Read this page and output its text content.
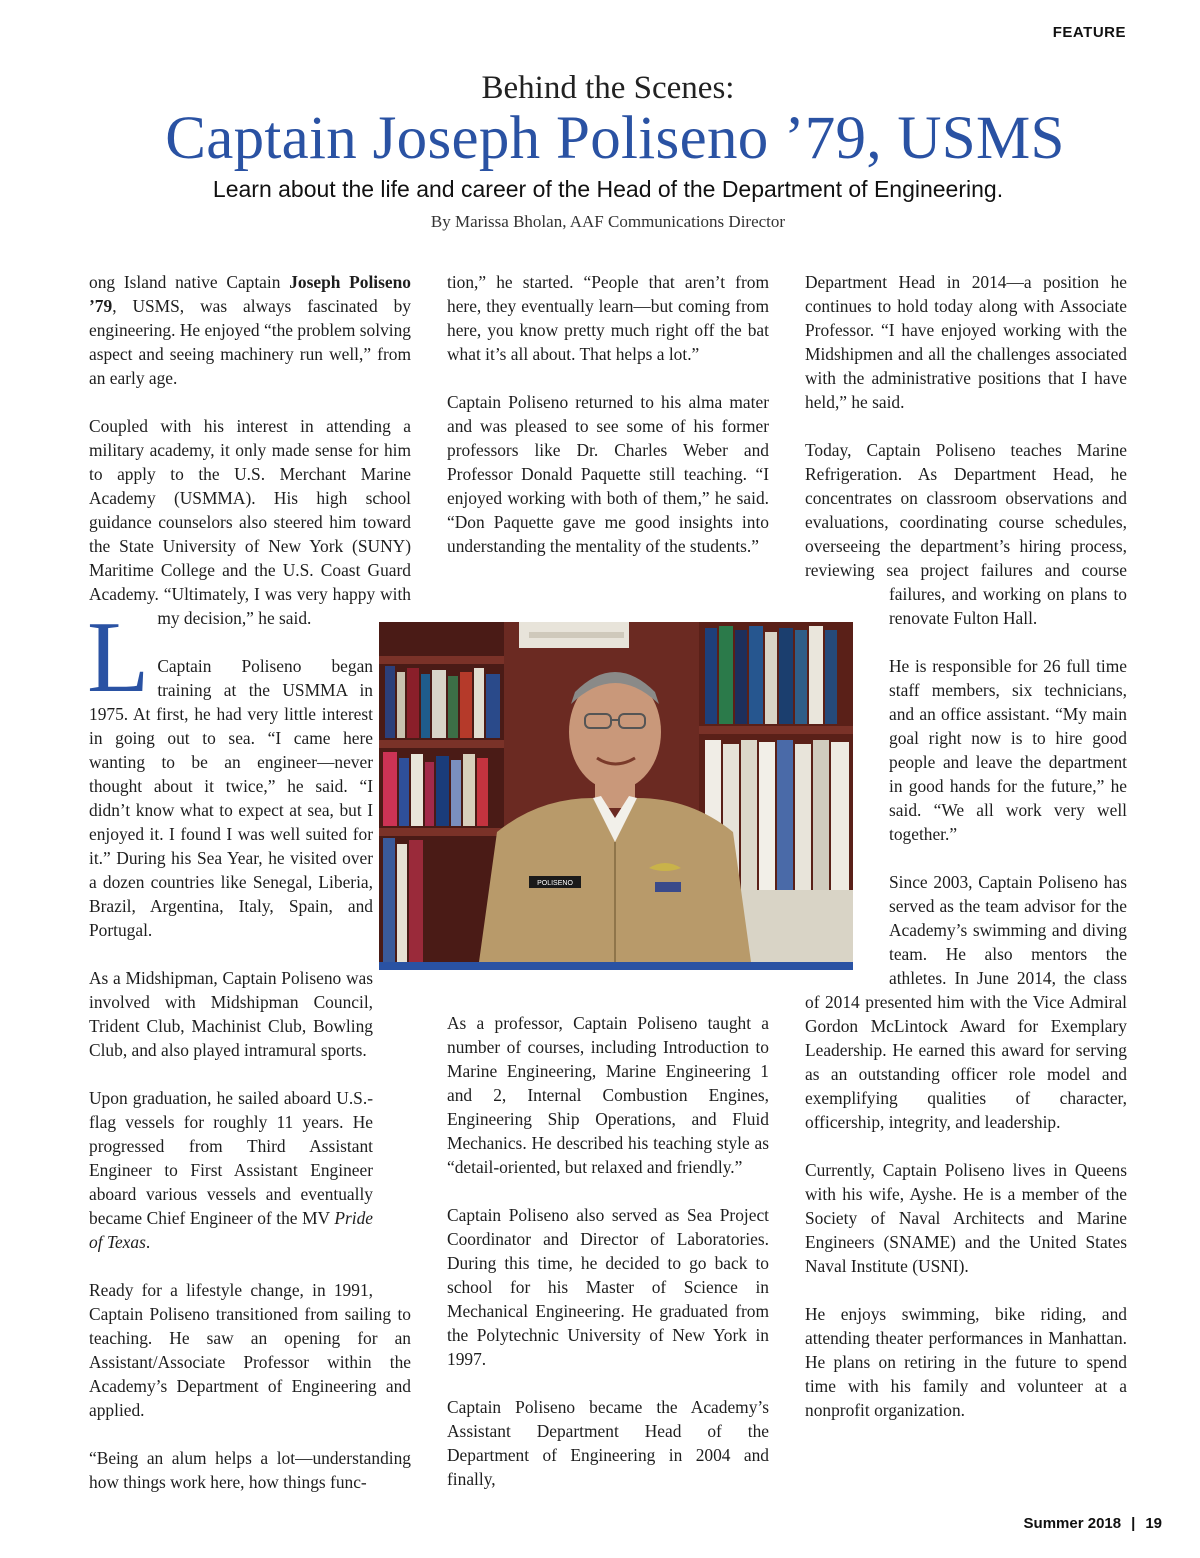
FEATURE
Behind the Scenes:
Captain Joseph Poliseno ’79, USMS
Learn about the life and career of the Head of the Department of Engineering.
By Marissa Bholan, AAF Communications Director

L
ong Island native Captain Joseph Poliseno ’79, USMS, was always fascinated by engineering. He enjoyed “the problem solving aspect and seeing machinery run well,” from an early age.

Coupled with his interest in attending a military academy, it only made sense for him to apply to the U.S. Merchant Marine Academy (USMMA). His high school guidance counselors also steered him toward the State University of New York (SUNY) Maritime College and the U.S. Coast Guard Academy. “Ultimately, I was very happy with my decision,” he said.

Captain Poliseno began training at the USMMA in 1975. At first, he had very little interest in going out to sea. “I came here wanting to be an engineer—never thought about it twice,” he said. “I didn’t know what to expect at sea, but I enjoyed it. I found I was well suited for it.” During his Sea Year, he visited over a dozen countries like Senegal, Liberia, Brazil, Argentina, Italy, Spain, and Portugal.

As a Midshipman, Captain Poliseno was involved with Midshipman Council, Trident Club, Machinist Club, Bowling Club, and also played intramural sports.

Upon graduation, he sailed aboard U.S.-flag vessels for roughly 11 years. He progressed from Third Assistant Engineer to First Assistant Engineer aboard various vessels and eventually became Chief Engineer of the MV Pride of Texas.

Ready for a lifestyle change, in 1991, Captain Poliseno transitioned from sailing to teaching. He saw an opening for an Assistant/Associate Professor within the Academy’s Department of Engineering and applied.

“Being an alum helps a lot—understanding how things work here, how things func-

tion,” he started. “People that aren’t from here, they eventually learn—but coming from here, you know pretty much right off the bat what it’s all about. That helps a lot.”

Captain Poliseno returned to his alma mater and was pleased to see some of his former professors like Dr. Charles Weber and Professor Donald Paquette still teaching. “I enjoyed working with both of them,” he said. “Don Paquette gave me good insights into understanding the mentality of the students.”

As a professor, Captain Poliseno taught a number of courses, including Introduction to Marine Engineering, Marine Engineering 1 and 2, Internal Combustion Engines, Engineering Ship Operations, and Fluid Mechanics. He described his teaching style as “detail-oriented, but relaxed and friendly.”

Captain Poliseno also served as Sea Project Coordinator and Director of Laboratories. During this time, he decided to go back to school for his Master of Science in Mechanical Engineering. He graduated from the Polytechnic University of New York in 1997.

Captain Poliseno became the Academy’s Assistant Department Head of the Department of Engineering in 2004 and finally,

Department Head in 2014—a position he continues to hold today along with Associate Professor. “I have enjoyed working with the Midshipmen and all the challenges associated with the administrative positions that I have held,” he said.

Today, Captain Poliseno teaches Marine Refrigeration. As Department Head, he concentrates on classroom observations and evaluations, coordinating course schedules, overseeing the department’s hiring process, reviewing sea project failures and course failures, and working on plans to renovate Fulton Hall.

He is responsible for 26 full time staff members, six technicians, and an office assistant. “My main goal right now is to hire good people and leave the department in good hands for the future,” he said. “We all work very well together.”

Since 2003, Captain Poliseno has served as the team advisor for the Academy’s swimming and diving team. He also mentors the athletes. In June 2014, the class of 2014 presented him with the Vice Admiral Gordon McLintock Award for Exemplary Leadership. He earned this award for serving as an outstanding officer role model and exemplifying qualities of character, officership, integrity, and leadership.

Currently, Captain Poliseno lives in Queens with his wife, Ayshe. He is a member of the Society of Naval Architects and Marine Engineers (SNAME) and the United States Naval Institute (USNI).

He enjoys swimming, bike riding, and attending theater performances in Manhattan. He plans on retiring in the future to spend time with his family and volunteer at a nonprofit organization.

POLISENO
Summer 2018 | 19
